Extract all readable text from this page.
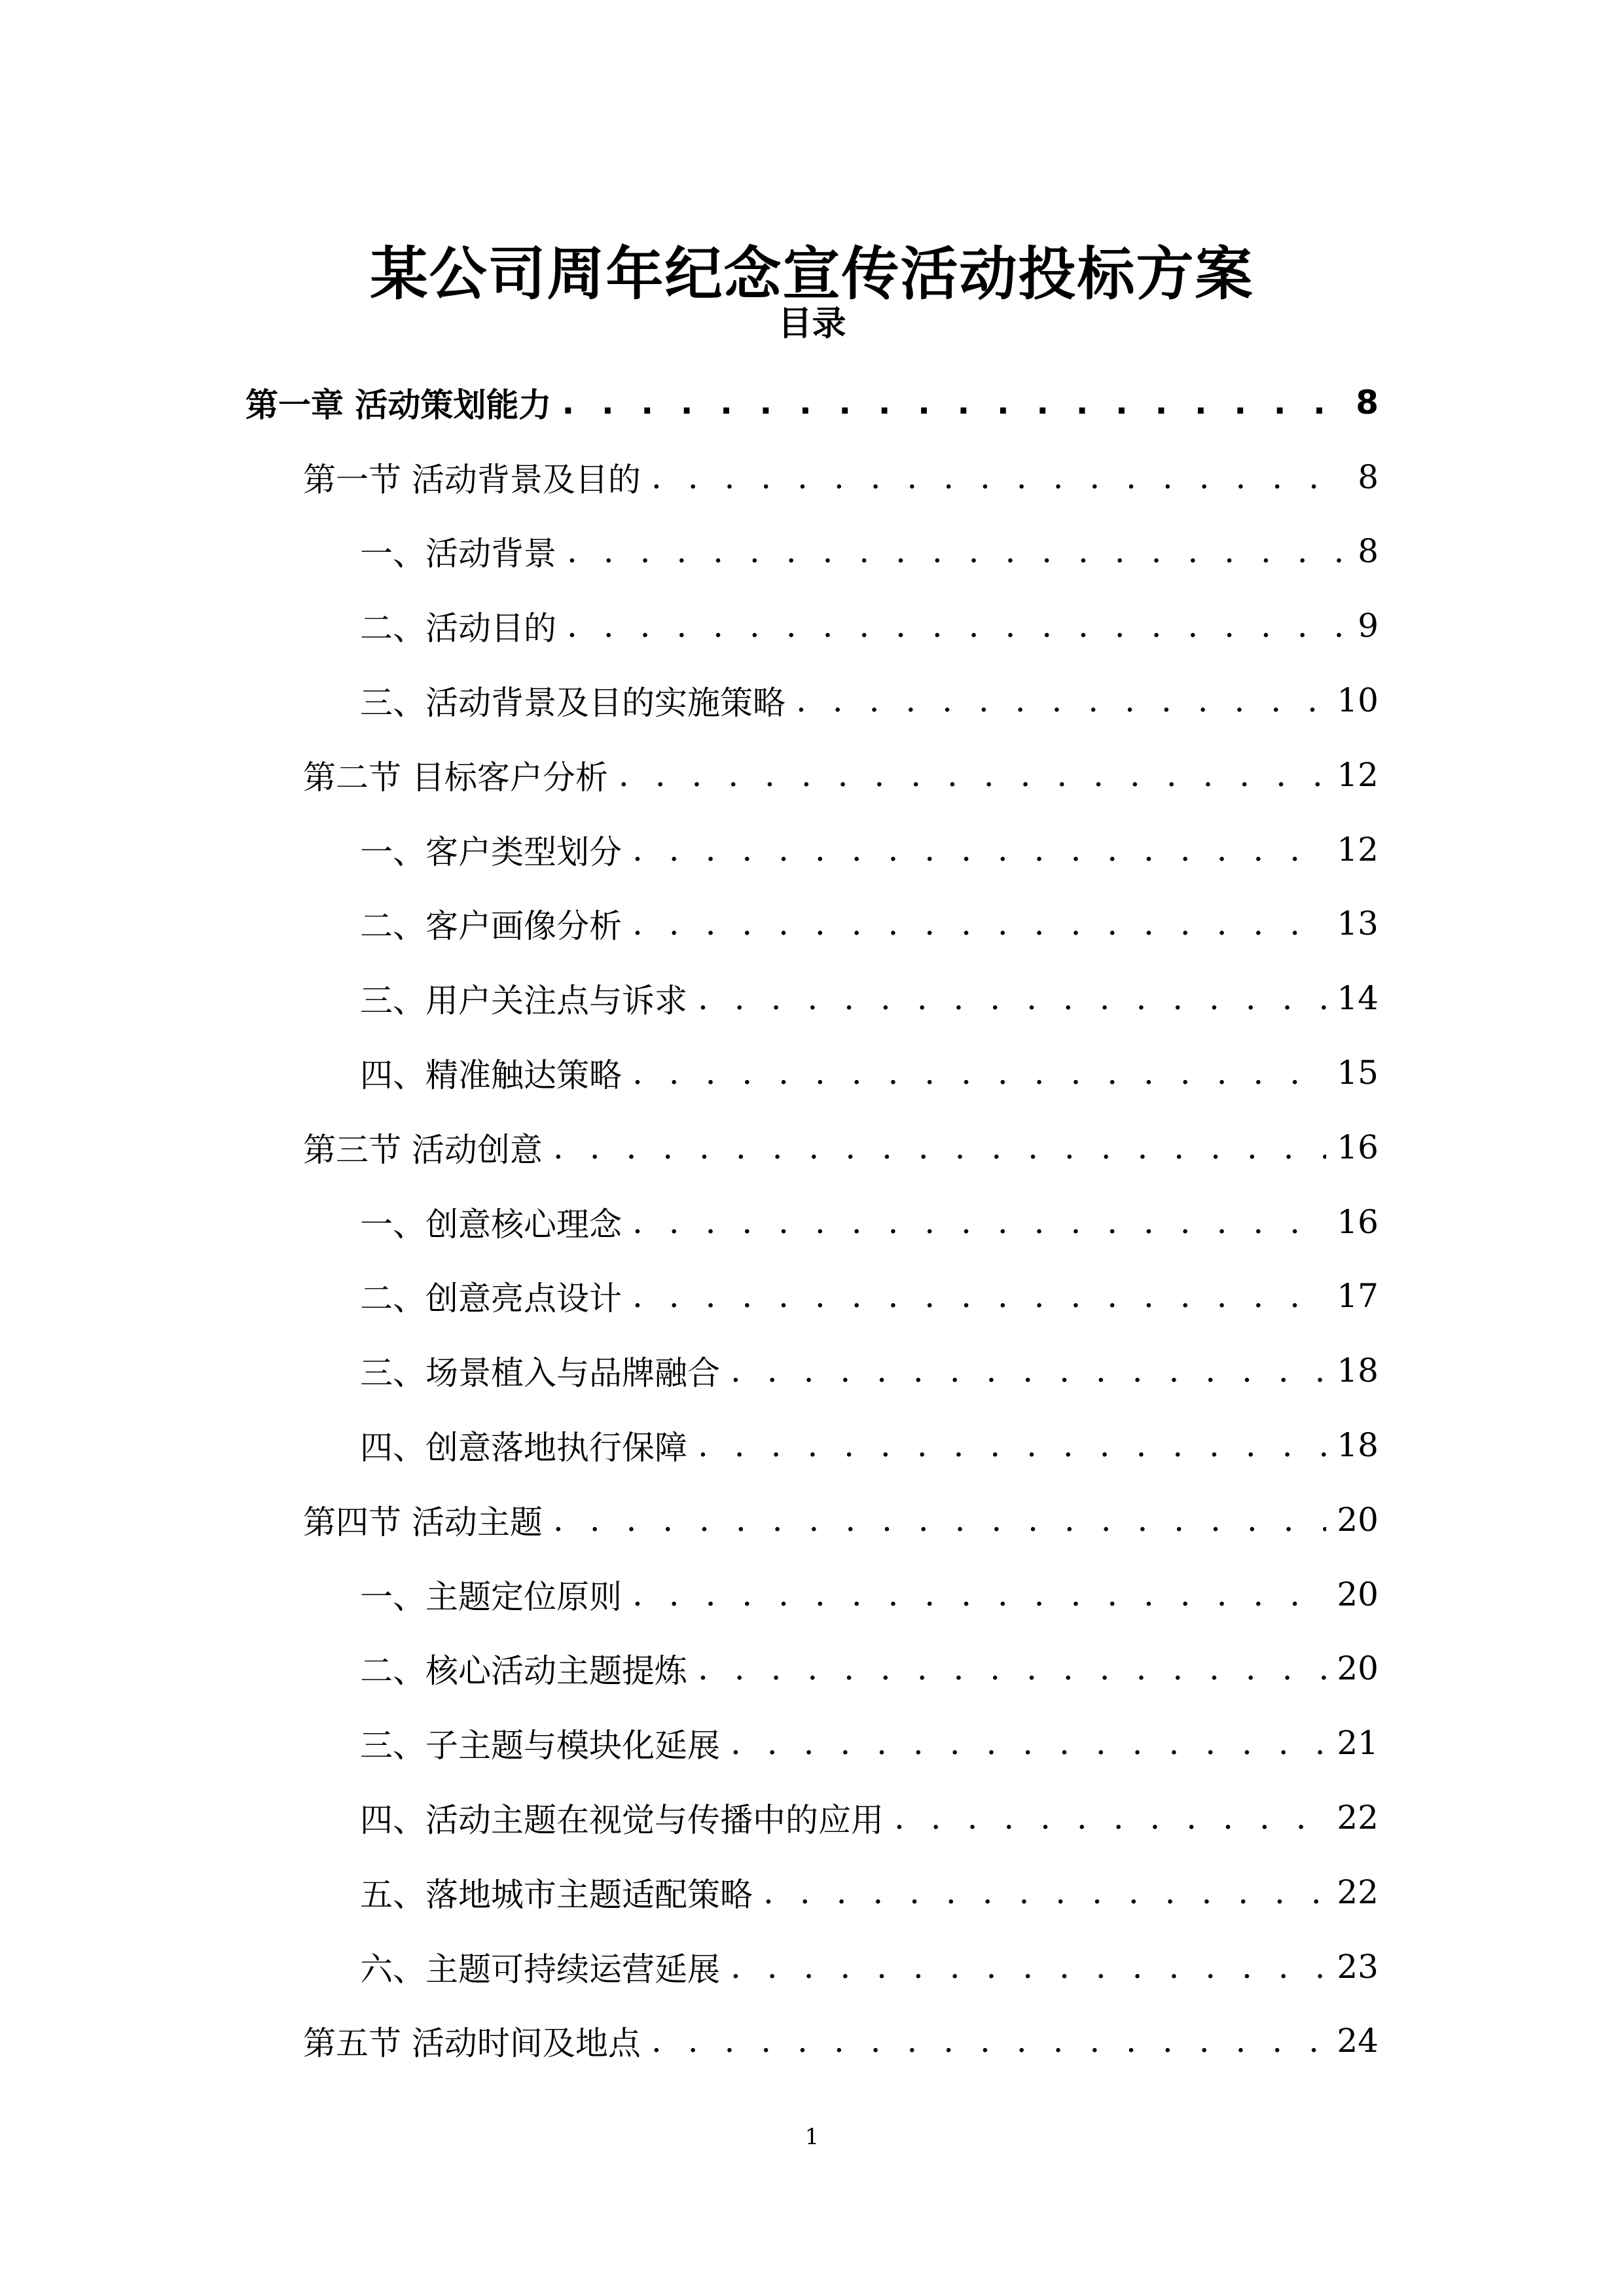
某公司周年纪念宣传活动投标方案
目录
第一章 活动策划能力 . . .	8
第一节 活动背景及目的 . . .	8
一、活动背景 . . .	8
二、活动目的 . . .	9
三、活动背景及目的实施策略 . . .	10
第二节 目标客户分析 . . .	12
一、客户类型划分 . . .	12
二、客户画像分析 . . .	13
三、用户关注点与诉求 . . .	14
四、精准触达策略 . . .	15
第三节 活动创意 . . .	16
一、创意核心理念 . . .	16
二、创意亮点设计 . . .	17
三、场景植入与品牌融合 . . .	18
四、创意落地执行保障 . . .	18
第四节 活动主题 . . .	20
一、主题定位原则 . . .	20
二、核心活动主题提炼 . . .	20
三、子主题与模块化延展 . . .	21
四、活动主题在视觉与传播中的应用 . . .	22
五、落地城市主题适配策略 . . .	22
六、主题可持续运营延展 . . .	23
第五节 活动时间及地点 . . .	24
1
